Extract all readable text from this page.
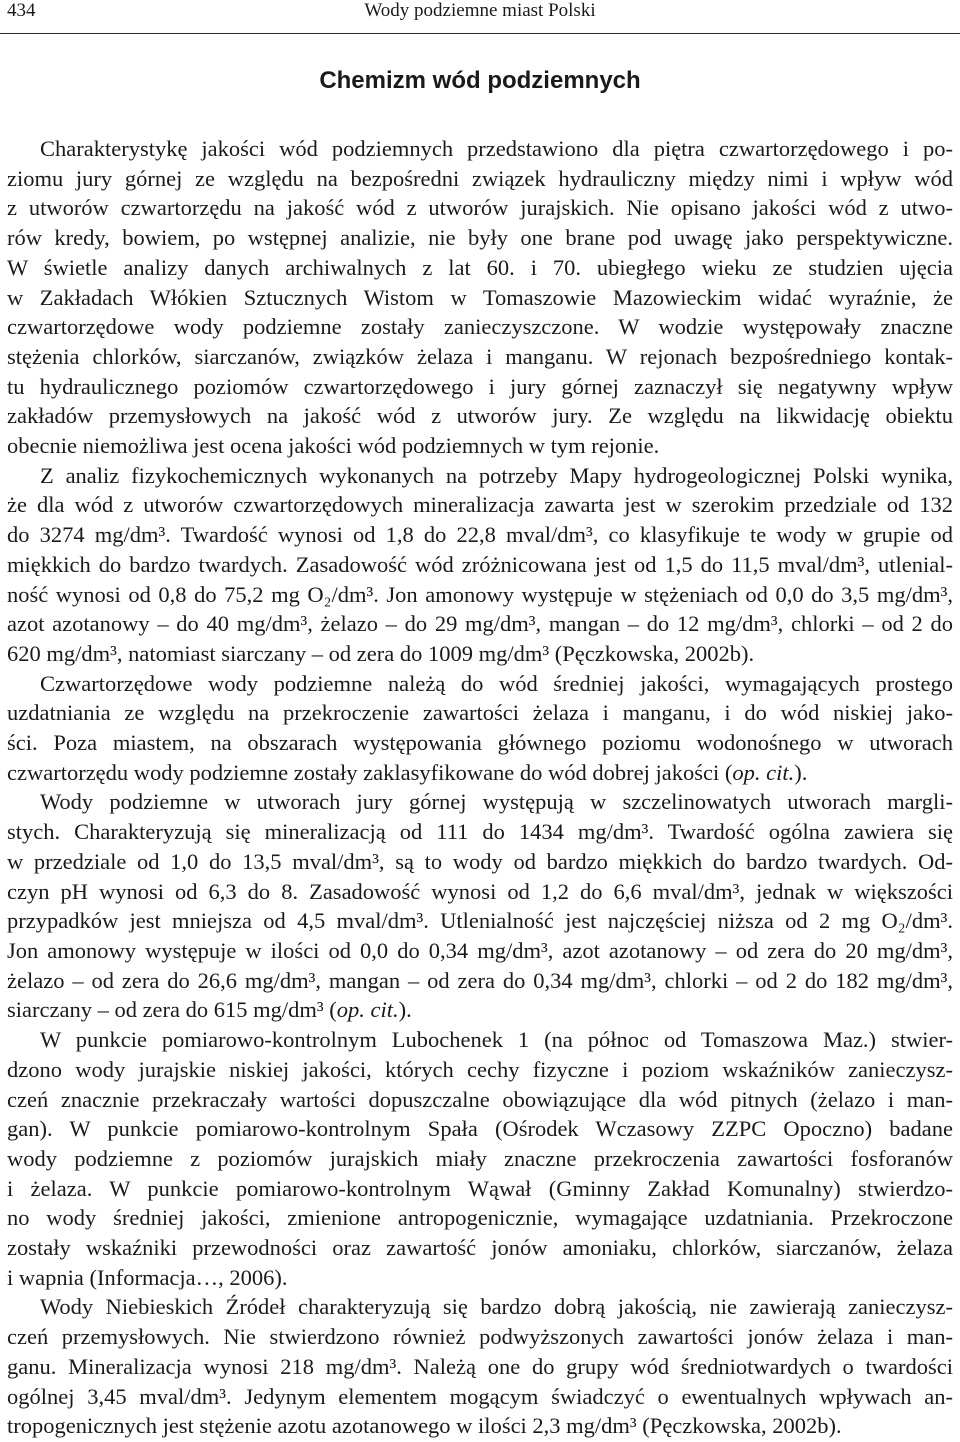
434	Wody podziemne miast Polski
Chemizm wód podziemnych
Charakterystykę jakości wód podziemnych przedstawiono dla piętra czwartorzędowego i po-
ziomu jury górnej ze względu na bezpośredni związek hydrauliczny między nimi i wpływ wód
z utworów czwartorzędu na jakość wód z utworów jurajskich. Nie opisano jakości wód z utwo-
rów kredy, bowiem, po wstępnej analizie, nie były one brane pod uwagę jako perspektywiczne.
W świetle analizy danych archiwalnych z lat 60. i 70. ubiegłego wieku ze studzien ujęcia
w Zakładach Włókien Sztucznych Wistom w Tomaszowie Mazowieckim widać wyraźnie, że
czwartorzędowe wody podziemne zostały zanieczyszczone. W wodzie występowały znaczne
stężenia chlorków, siarczanów, związków żelaza i manganu. W rejonach bezpośredniego kontak-
tu hydraulicznego poziomów czwartorzędowego i jury górnej zaznaczył się negatywny wpływ
zakładów przemysłowych na jakość wód z utworów jury. Ze względu na likwidację obiektu
obecnie niemożliwa jest ocena jakości wód podziemnych w tym rejonie.
Z analiz fizykochemicznych wykonanych na potrzeby Mapy hydrogeologicznej Polski wynika,
że dla wód z utworów czwartorzędowych mineralizacja zawarta jest w szerokim przedziale od 132
do 3274 mg/dm³. Twardość wynosi od 1,8 do 22,8 mval/dm³, co klasyfikuje te wody w grupie od
miękkich do bardzo twardych. Zasadowość wód zróżnicowana jest od 1,5 do 11,5 mval/dm³, utlenial-
ność wynosi od 0,8 do 75,2 mg O₂/dm³. Jon amonowy występuje w stężeniach od 0,0 do 3,5 mg/dm³,
azot azotanowy – do 40 mg/dm³, żelazo – do 29 mg/dm³, mangan – do 12 mg/dm³, chlorki – od 2 do
620 mg/dm³, natomiast siarczany – od zera do 1009 mg/dm³ (Pęczkowska, 2002b).
Czwartorzędowe wody podziemne należą do wód średniej jakości, wymagających prostego
uzdatniania ze względu na przekroczenie zawartości żelaza i manganu, i do wód niskiej jako-
ści. Poza miastem, na obszarach występowania głównego poziomu wodonośnego w utworach
czwartorzędu wody podziemne zostały zaklasyfikowane do wód dobrej jakości (op. cit.).
Wody podziemne w utworach jury górnej występują w szczelinowatych utworach margli-
stych. Charakteryzują się mineralizacją od 111 do 1434 mg/dm³. Twardość ogólna zawiera się
w przedziale od 1,0 do 13,5 mval/dm³, są to wody od bardzo miękkich do bardzo twardych. Od-
czyn pH wynosi od 6,3 do 8. Zasadowość wynosi od 1,2 do 6,6 mval/dm³, jednak w większości
przypadków jest mniejsza od 4,5 mval/dm³. Utlenialność jest najczęściej niższa od 2 mg O₂/dm³.
Jon amonowy występuje w ilości od 0,0 do 0,34 mg/dm³, azot azotanowy – od zera do 20 mg/dm³,
żelazo – od zera do 26,6 mg/dm³, mangan – od zera do 0,34 mg/dm³, chlorki – od 2 do 182 mg/dm³,
siarczany – od zera do 615 mg/dm³ (op. cit.).
W punkcie pomiarowo-kontrolnym Lubochenek 1 (na północ od Tomaszowa Maz.) stwier-
dzono wody jurajskie niskiej jakości, których cechy fizyczne i poziom wskaźników zanieczysz-
czeń znacznie przekraczały wartości dopuszczalne obowiązujące dla wód pitnych (żelazo i man-
gan). W punkcie pomiarowo-kontrolnym Spała (Ośrodek Wczasowy ZZPC Opoczno) badane
wody podziemne z poziomów jurajskich miały znaczne przekroczenia zawartości fosforanów
i żelaza. W punkcie pomiarowo-kontrolnym Wąwał (Gminny Zakład Komunalny) stwierdzo-
no wody średniej jakości, zmienione antropogenicznie, wymagające uzdatniania. Przekroczone
zostały wskaźniki przewodności oraz zawartość jonów amoniaku, chlorków, siarczanów, żelaza
i wapnia (Informacja…, 2006).
Wody Niebieskich Źródeł charakteryzują się bardzo dobrą jakością, nie zawierają zanieczysz-
czeń przemysłowych. Nie stwierdzono również podwyższonych zawartości jonów żelaza i man-
ganu. Mineralizacja wynosi 218 mg/dm³. Należą one do grupy wód średniotwardych o twardości
ogólnej 3,45 mval/dm³. Jedynym elementem mogącym świadczyć o ewentualnych wpływach an-
tropogenicznych jest stężenie azotu azotanowego w ilości 2,3 mg/dm³ (Pęczkowska, 2002b).
